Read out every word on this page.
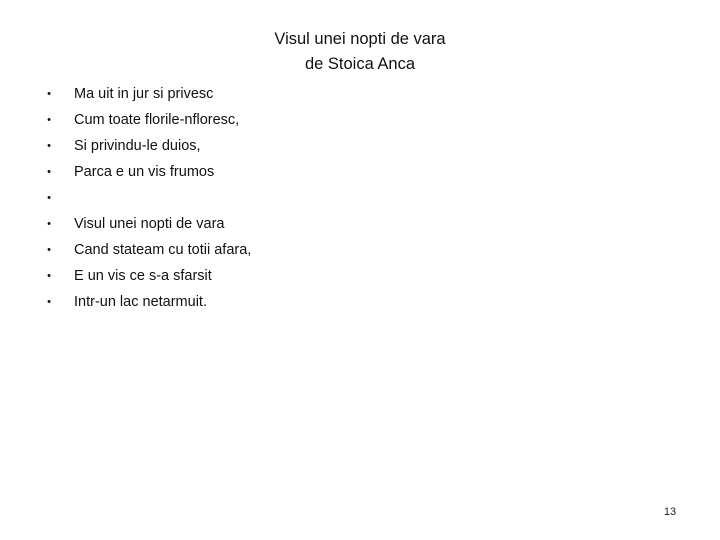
Visul unei nopti de vara
de Stoica Anca
• Ma uit in jur si privesc
• Cum toate florile-nfloresc,
• Si privindu-le duios,
• Parca e un vis frumos
•
• Visul unei nopti de vara
• Cand stateam cu totii afara,
• E un vis ce s-a sfarsit
• Intr-un lac netarmuit.
13
